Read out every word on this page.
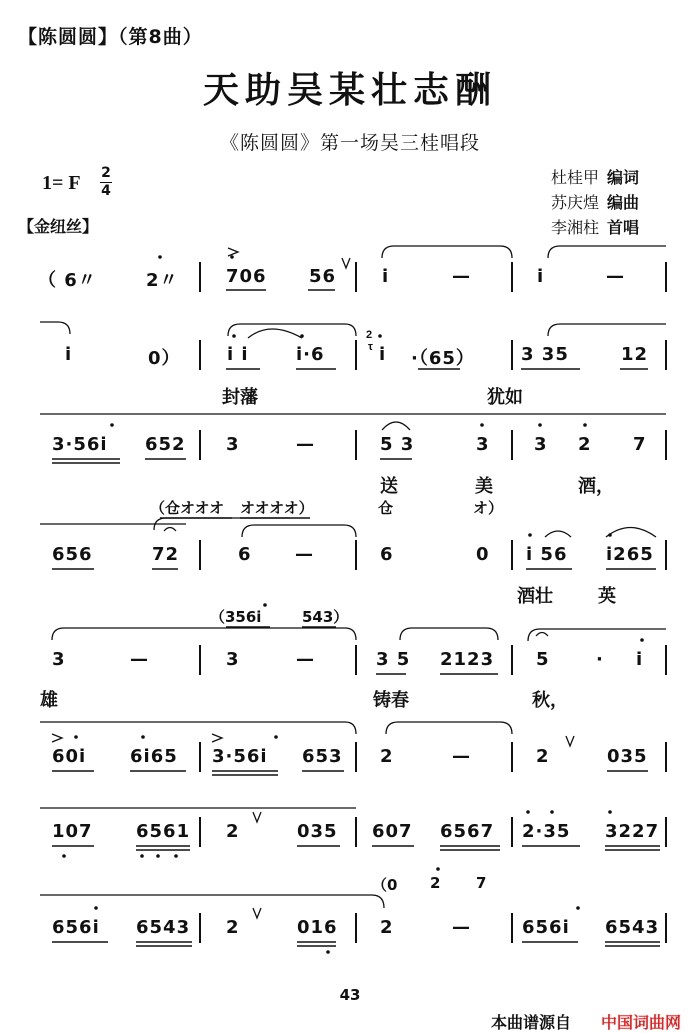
【陈圆圆】（第8曲）
天助吴某壮志酬
《陈圆圆》第一场吴三桂唱段
1= F 2
4
【金纽丝】
杜桂甲 编词
苏庆煌 编曲
李湘柱 首唱
（ 6〃	2〃	706 56	i	—	i	—
i	0）	i i	i·6	i ·（65）	3 35	12
封藩	犹如
3·56i 652 3	—	5 3	3 3 2 7
送	美	酒，
（仓オオオ オオオオ）	仓	オ）
656	72	6 —	6	0 i 56 i265
酒壮	英
（356i	543）
3	—	3	—	3 5 2123 5	· i
雄	铸春	秋，
60i 6i65 3·56i 653 2	—	2	035
107 6561 2	035 607 6567 2·35 3227
（0 2 7
656i 6543 2	016 2	—	656i 6543
2
τ
43
本曲谱源自 中国词曲网
